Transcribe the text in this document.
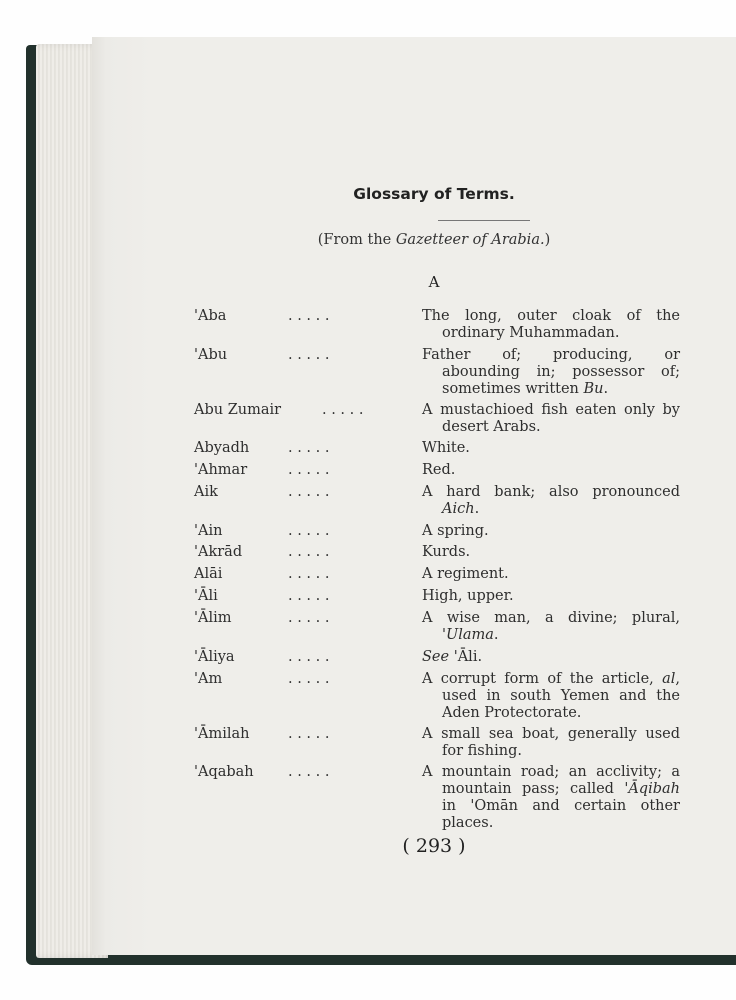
Glossary of Terms.
(From the Gazetteer of Arabia.)
A
'Aba	. . . . .	The long, outer cloak of the ordinary Muhammadan.
'Abu	. . . . .	Father of; producing, or abounding in; possessor of; sometimes written Bu.
Abu Zumair	. . . . .	A mustachioed fish eaten only by desert Arabs.
Abyadh	. . . . .	White.
'Ahmar	. . . . .	Red.
Aik	. . . . .	A hard bank; also pronounced Aich.
'Ain	. . . . .	A spring.
'Akrād	. . . . .	Kurds.
Alāi	. . . . .	A regiment.
'Āli	. . . . .	High, upper.
'Ālim	. . . . .	A wise man, a divine; plural, 'Ulama.
'Āliya	. . . . .	See 'Āli.
'Am	. . . . .	A corrupt form of the article, al, used in south Yemen and the Aden Protectorate.
'Āmilah	. . . . .	A small sea boat, generally used for fishing.
'Aqabah . . . . .	A mountain road; an acclivity; a mountain pass; called 'Āqibah in 'Omān and certain other places.
( 293 )
